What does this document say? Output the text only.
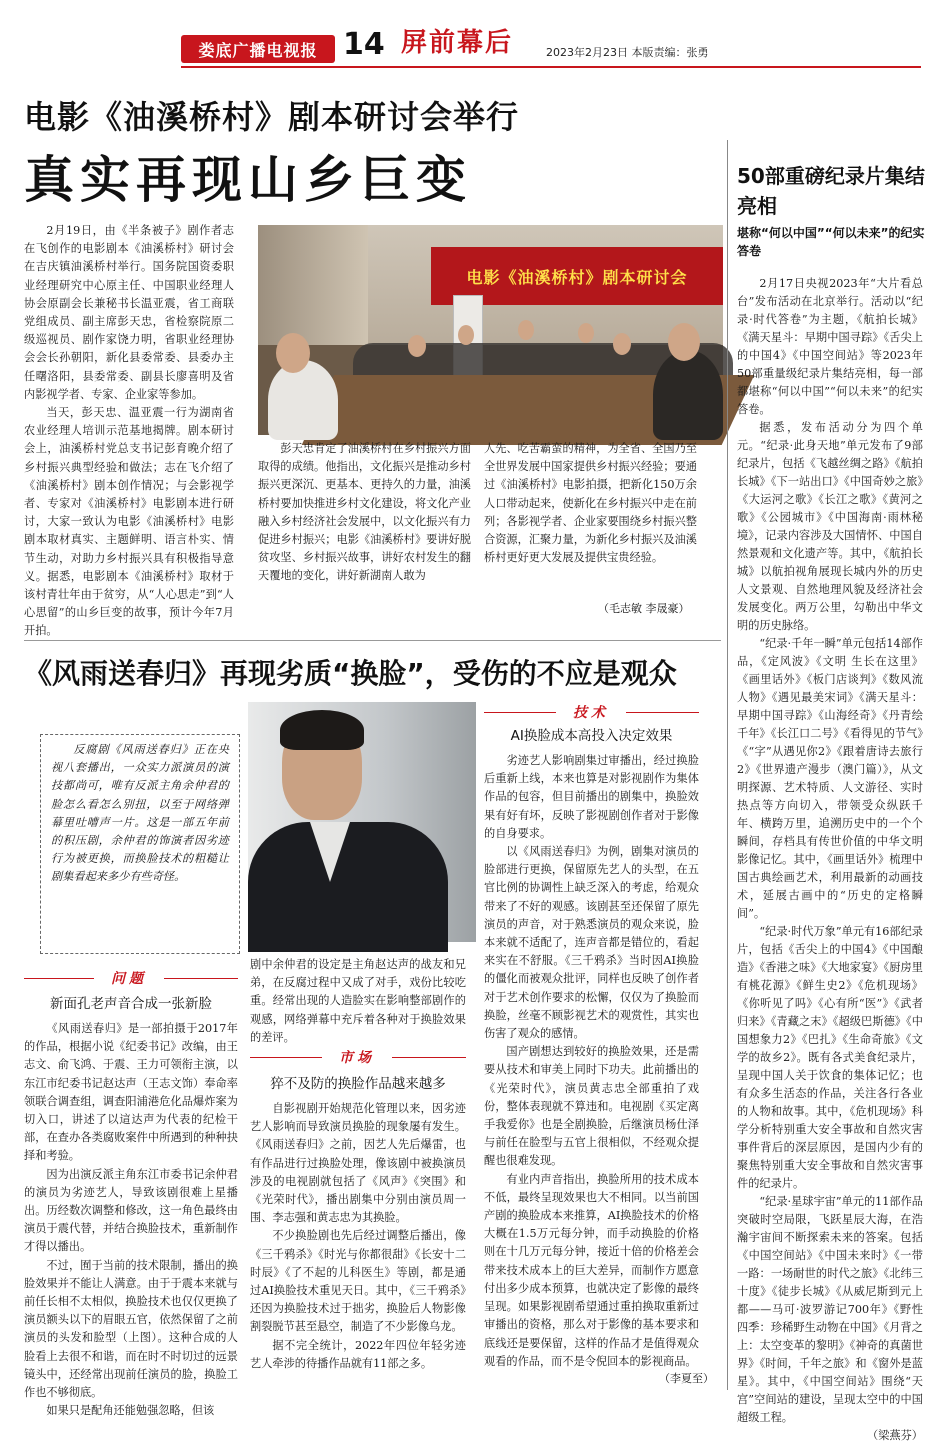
娄底广播电视报 14 屏前幕后	2023年2月23日 本版责编：张勇
电影《油溪桥村》剧本研讨会举行
真实再现山乡巨变
电影《油溪桥村》剧本研讨会

2月19日，由《半条被子》剧作者志在飞创作的电影剧本《油溪桥村》研讨会在吉庆镇油溪桥村举行。国务院国资委职业经理研究中心原主任、中国职业经理人协会原副会长兼秘书长温亚震，省工商联党组成员、副主席彭天忠，省检察院原二级巡视员、剧作家饶力明，省职业经理协会会长孙朝阳，新化县委常委、县委办主任曙洛阳，县委常委、副县长廖喜明及省内影视学者、专家、企业家等参加。

当天，彭天忠、温亚震一行为湖南省农业经理人培训示范基地揭牌。剧本研讨会上，油溪桥村党总支书记彭育晚介绍了乡村振兴典型经验和做法；志在飞介绍了《油溪桥村》剧本创作情况；与会影视学者、专家对《油溪桥村》电影剧本进行研讨，大家一致认为电影《油溪桥村》电影剧本取材真实、主题鲜明、语言朴实、情节生动，对助力乡村振兴具有积极指导意义。据悉，电影剧本《油溪桥村》取材于该村青壮年由于贫穷，从“人心思走”到“人心思留”的山乡巨变的故事，预计今年7月开拍。

彭天忠肯定了油溪桥村在乡村振兴方面取得的成绩。他指出，文化振兴是推动乡村振兴更深沉、更基本、更持久的力量，油溪桥村要加快推进乡村文化建设，将文化产业融入乡村经济社会发展中，以文化振兴有力促进乡村振兴；电影《油溪桥村》要讲好脱贫攻坚、乡村振兴故事，讲好农村发生的翻天覆地的变化，讲好新湖南人敢为

人先、吃苦霸蛮的精神，为全省、全国乃至全世界发展中国家提供乡村振兴经验；要通过《油溪桥村》电影拍摄，把新化150万余人口带动起来，使新化在乡村振兴中走在前列；各影视学者、企业家要围绕乡村振兴整合资源，汇聚力量，为新化乡村振兴及油溪桥村更好更大发展及提供宝贵经验。

（毛志敏 李晟豪）
50部重磅纪录片集结亮相
堪称“何以中国”“何以未来”的纪实答卷

2月17日央视2023年“大片看总台”发布活动在北京举行。活动以“纪录·时代答卷”为主题，《航拍长城》《满天星斗：早期中国寻踪》《舌尖上的中国4》《中国空间站》等2023年50部重量级纪录片集结亮相，每一部都堪称“何以中国”“何以未来”的纪实答卷。

据悉，发布活动分为四个单元。“纪录·此身天地”单元发布了9部纪录片，包括《飞越丝绸之路》《航拍长城》《下一站出口》《中国奇妙之旅》《大运河之歌》《长江之歌》《黄河之歌》《公园城市》《中国海南·雨林秘境》，记录内容涉及大国情怀、中国自然景观和文化遗产等。其中，《航拍长城》以航拍视角展现长城内外的历史人文景观、自然地理风貌及经济社会发展变化。两万公里，勾勒出中华文明的历史脉络。

“纪录·千年一瞬”单元包括14部作品，《定风波》《文明 生长在这里》《画里话外》《板门店谈判》《数风流人物》《遇见最美宋词》《满天星斗：早期中国寻踪》《山海经奇》《丹青绘千年》《长江口二号》《看得见的节气》《“字”从遇见你2》《跟着唐诗去旅行2》《世界遗产漫步（澳门篇）》，从文明探源、艺术特质、人文游径、实时热点等方向切入，带领受众纵跃千年、横跨万里，追溯历史中的一个个瞬间，存档具有传世价值的中华文明影像记忆。其中，《画里话外》梳理中国古典绘画艺术，利用最新的动画技术，延展古画中的“历史的定格瞬间”。

“纪录·时代万象”单元有16部纪录片，包括《舌尖上的中国4》《中国酿造》《香港之味》《大地家宴》《厨房里有桃花源》《鲜生史2》《危机现场》《你听见了吗》《心有所“医”》《武者归来》《青藏之末》《超级巴斯德》《中国想象力2》《巴扎》《生命奇旅》《文学的故乡2》。既有各式美食纪录片，呈现中国人关于饮食的集体记忆；也有众多生活态的作品，关注各行各业的人物和故事。其中，《危机现场》科学分析特别重大安全事故和自然灾害事件背后的深层原因，是国内少有的聚焦特别重大安全事故和自然灾害事件的纪录片。

“纪录·星球宇宙”单元的11部作品突破时空局限，飞跃星辰大海，在浩瀚宇宙间不断探索未来的答案。包括《中国空间站》《中国未来时》《一带一路：一场耐世的时代之旅》《北纬三十度》《徒步长城》《从威尼斯到元上都——马可·波罗游记700年》《野性四季：珍稀野生动物在中国》《月背之上：太空变革的黎明》《神奇的真菌世界》《时间，千年之旅》和《窗外是蓝星》。其中，《中国空间站》围绕“天宫”空间站的建设，呈现太空中的中国超级工程。

（梁燕芬）
《风雨送春归》再现劣质“换脸”，受伤的不应是观众

反腐剧《风雨送春归》正在央视八套播出，一众实力派演员的演技都尚可，唯有反派主角余仲君的脸怎么看怎么别扭，以至于网络弹幕里吐嘈声一片。这是一部五年前的积压剧，余仲君的饰演者因劣迹行为被更换，而换脸技术的粗糙让剧集看起来多少有些奇怪。

问题
新面孔老声音合成一张新脸

《风雨送春归》是一部拍摄于2017年的作品，根据小说《纪委书记》改编，由王志文、俞飞鸿、于震、王力可领衔主演，以东江市纪委书记赵达声（王志文饰）奉命率领联合调查组，调查阳浦港危化品爆炸案为切入口，讲述了以這达声为代表的纪检干部，在查办各类腐败案件中所遇到的种种抉择和考验。

因为出演反派主角东江市委书记余仲君的演员为劣迹艺人，导致该剧很难上星播出。历经数次调整和修改，这一角色最终由演员于震代替，并结合换脸技术，重新制作才得以播出。

不过，囿于当前的技术限制，播出的换脸效果并不能让人满意。由于于震本来就与前任长相不太相似，换脸技术也仅仅更换了演员额头以下的眉眼五官，依然保留了之前演员的头发和脸型（上图）。这种合成的人脸看上去很不和谐，而在时不时切过的远景镜头中，还经常出现前任演员的脸，换脸工作也不够彻底。

如果只是配角还能勉强忽略，但该

剧中余仲君的设定是主角赵达声的战友和兄弟，在反腐过程中又成了对手，戏份比较吃重。经常出现的人造脸实在影响整部剧作的观感，网络弹幕中充斥着各种对于换脸效果的差评。

市场
猝不及防的换脸作品越来越多

自影视剧开始规范化管理以来，因劣迹艺人影响而导致演员换脸的现象屡有发生。《风雨送春归》之前，因艺人先后爆雷，也有作品进行过换脸处理，像该剧中被换演员涉及的电视剧就包括了《风声》《突围》和《光荣时代》，播出剧集中分别由演员周一围、李志强和黄志忠为其换脸。

不少换脸剧也先后经过调整后播出，像《三千鸦杀》《时光与你都很甜》《长安十二时辰》《了不起的儿科医生》等剧，都是通过AI换脸技术重见天日。其中，《三千鸦杀》还因为换脸技术过于拙劣，换脸后人物影像割裂脱节甚至悬空，制造了不少影像乌龙。

据不完全统计，2022年四位年轻劣迹艺人牵涉的待播作品就有11部之多。

技术
AI换脸成本高投入决定效果

劣迹艺人影响剧集过审播出，经过换脸后重新上线，本来也算是对影视剧作为集体作品的包容，但目前播出的剧集中，换脸效果有好有坏，反映了影视剧创作者对于影像的自身要求。

以《风雨送春归》为例，剧集对演员的脸部进行更换，保留原先艺人的头型，在五官比例的协调性上缺乏深入的考虑，给观众带来了不好的观感。该剧甚至还保留了原先演员的声音，对于熟悉演员的观众来说，脸本来就不适配了，连声音都是错位的，看起来实在不舒服。《三千鸦杀》当时因AI换脸的僵化而被观众批评，同样也反映了创作者对于艺术创作要求的松懈，仅仅为了换脸而换脸，丝毫不顾影视艺术的观赏性，其实也伤害了观众的感情。

国产剧想达到较好的换脸效果，还是需要从技术和审美上同时下功夫。此前播出的《光荣时代》，演员黄志忠全部重拍了戏份，整体表现就不算违和。电视剧《买定离手我爱你》也是全剧换脸，后继演员杨仕泽与前任在脸型与五官上很相似，不经观众提醒也很难发现。

有业内声音指出，换脸所用的技术成本不低，最终呈现效果也大不相同。以当前国产剧的换脸成本来推算，AI换脸技术的价格大概在1.5万元每分钟，而手动换脸的价格则在十几万元每分钟，接近十倍的价格差会带来技术成本上的巨大差异，而制作方愿意付出多少成本预算，也就决定了影像的最终呈现。如果影视剧希望通过重拍换取重新过审播出的资格，那么对于影像的基本要求和底线还是要保留，这样的作品才是值得观众观看的作品，而不是令倪回本的影视商品。

（李夏至）
